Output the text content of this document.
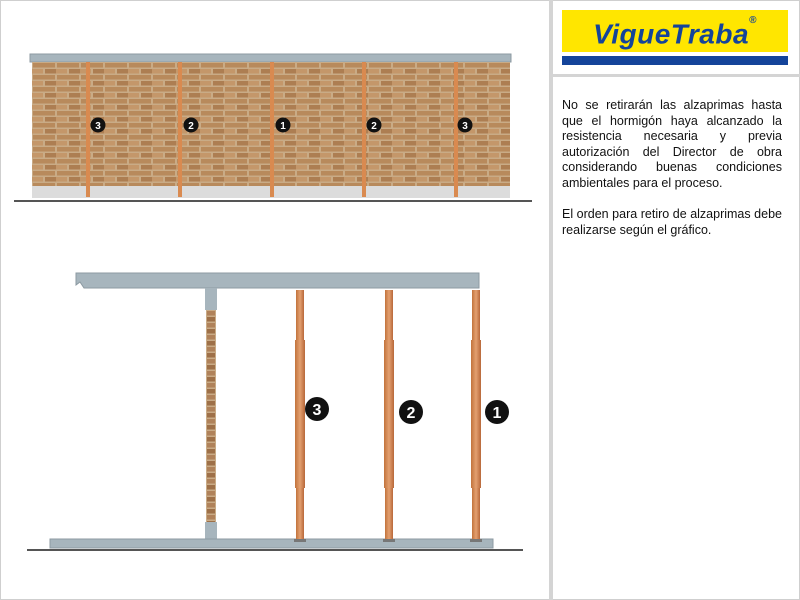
VigueTraba®

No se retirarán las alzaprimas hasta que el hormigón haya alcanzado la resistencia necesaria y previa autorización del Director de obra considerando buenas condiciones ambientales para el proceso.

El orden para retiro de alzaprimas debe realizarse según el gráfico.

3	2	1	2	3
3	2	1
